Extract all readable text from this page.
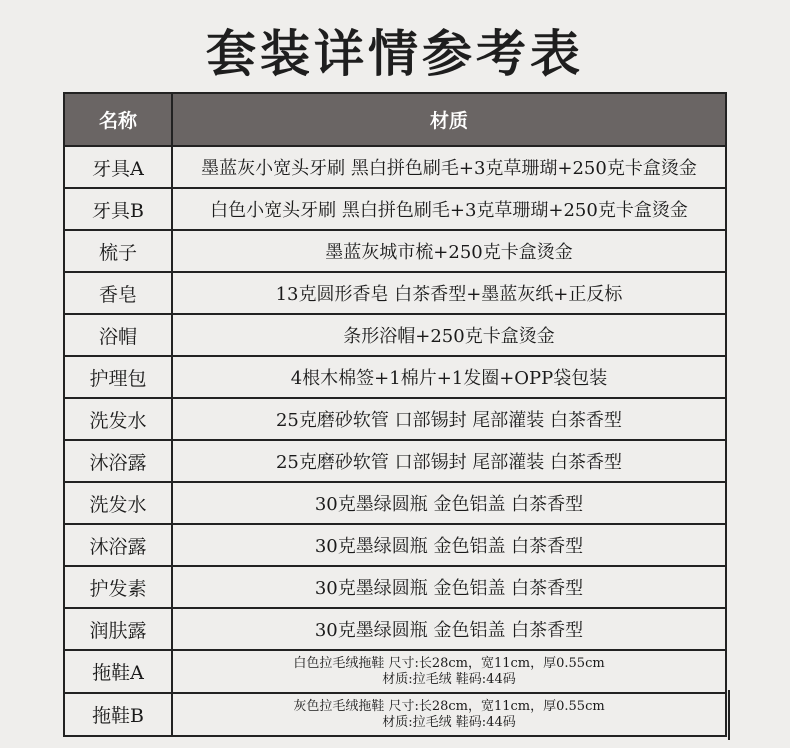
套装详情参考表
名称	材质
牙具A	墨蓝灰小宽头牙刷 黑白拼色刷毛+3克草珊瑚+250克卡盒烫金
牙具B	白色小宽头牙刷 黑白拼色刷毛+3克草珊瑚+250克卡盒烫金
梳子	墨蓝灰城市梳+250克卡盒烫金
香皂	13克圆形香皂 白茶香型+墨蓝灰纸+正反标
浴帽	条形浴帽+250克卡盒烫金
护理包	4根木棉签+1棉片+1发圈+OPP袋包装
洗发水	25克磨砂软管 口部锡封 尾部灌装 白茶香型
沐浴露	25克磨砂软管 口部锡封 尾部灌装 白茶香型
洗发水	30克墨绿圆瓶 金色铝盖 白茶香型
沐浴露	30克墨绿圆瓶 金色铝盖 白茶香型
护发素	30克墨绿圆瓶 金色铝盖 白茶香型
润肤露	30克墨绿圆瓶 金色铝盖 白茶香型
拖鞋A	白色拉毛绒拖鞋 尺寸:长28cm，宽11cm，厚0.55cm
材质:拉毛绒 鞋码:44码
拖鞋B	灰色拉毛绒拖鞋 尺寸:长28cm，宽11cm，厚0.55cm
材质:拉毛绒 鞋码:44码
